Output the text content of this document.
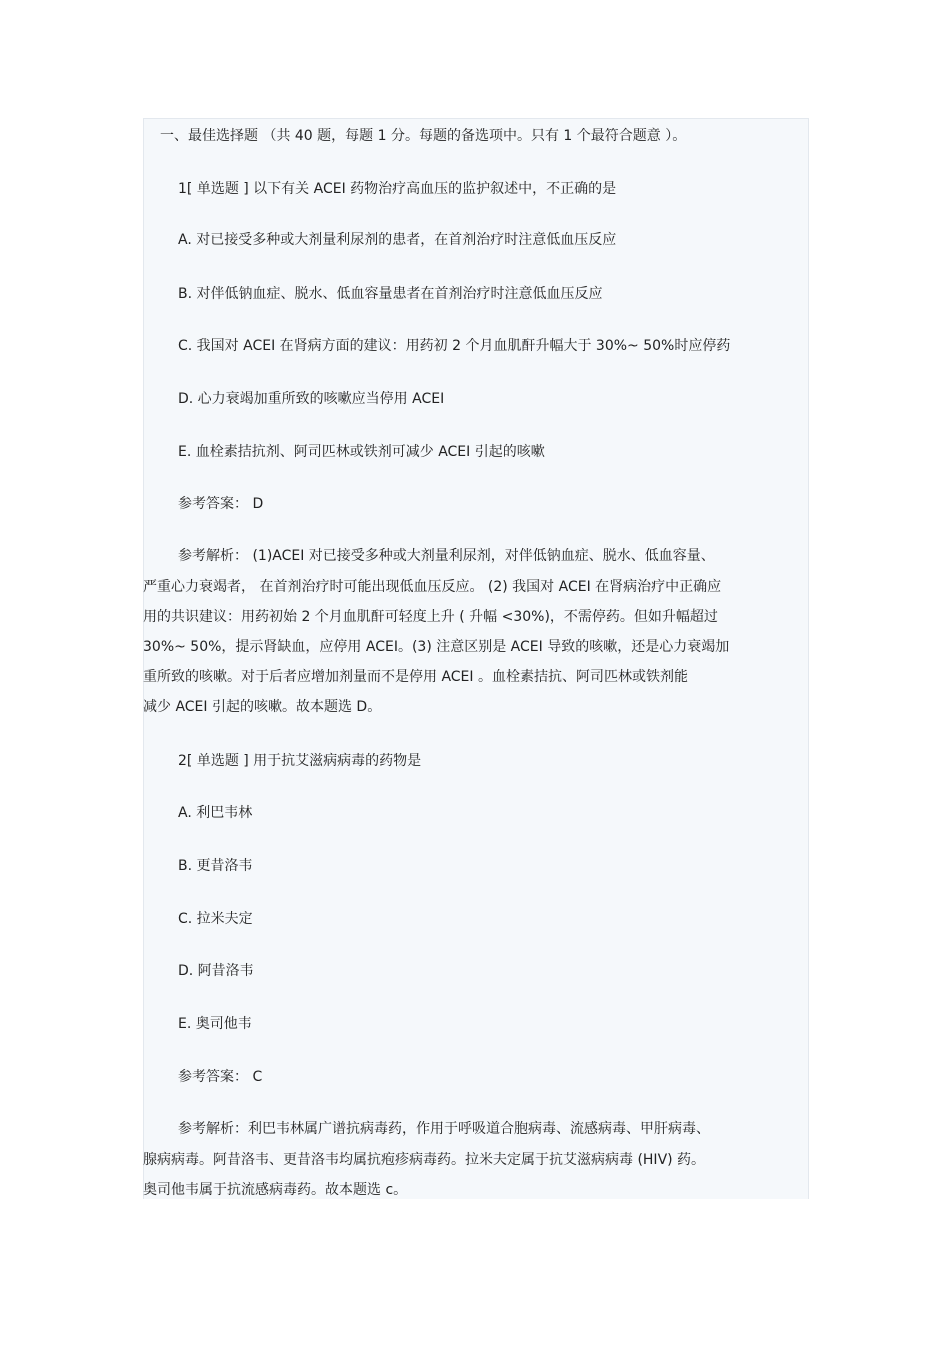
一、最佳选择题 （共 40 题，每题 1 分。每题的备选项中。只有 1 个最符合题意 ）。
1[ 单选题 ] 以下有关 ACEI 药物治疗高血压的监护叙述中，不正确的是
A. 对已接受多种或大剂量利尿剂的患者，在首剂治疗时注意低血压反应
B. 对伴低钠血症、脱水、低血容量患者在首剂治疗时注意低血压反应
C. 我国对 ACEI 在肾病方面的建议：用药初 2 个月血肌酐升幅大于 30%~ 50%时应停药
D. 心力衰竭加重所致的咳嗽应当停用 ACEI
E. 血栓素拮抗剂、阿司匹林或铁剂可减少 ACEI 引起的咳嗽
参考答案： D
参考解析： (1)ACEI 对已接受多种或大剂量利尿剂，对伴低钠血症、脱水、低血容量、
严重心力衰竭者， 在首剂治疗时可能出现低血压反应。 (2) 我国对 ACEI 在肾病治疗中正确应
用的共识建议：用药初始 2 个月血肌酐可轻度上升 ( 升幅 <30%)，不需停药。但如升幅超过
30%~ 50%，提示肾缺血，应停用 ACEI。(3) 注意区别是 ACEI 导致的咳嗽，还是心力衰竭加
重所致的咳嗽。对于后者应增加剂量而不是停用 ACEI 。血栓素拮抗、阿司匹林或铁剂能
减少 ACEI 引起的咳嗽。故本题选 D。
2[ 单选题 ] 用于抗艾滋病病毒的药物是
A. 利巴韦林
B. 更昔洛韦
C. 拉米夫定
D. 阿昔洛韦
E. 奥司他韦
参考答案： C
参考解析：利巴韦林属广谱抗病毒药，作用于呼吸道合胞病毒、流感病毒、甲肝病毒、
腺病病毒。阿昔洛韦、更昔洛韦均属抗疱疹病毒药。拉米夫定属于抗艾滋病病毒 (HIV) 药。
奥司他韦属于抗流感病毒药。故本题选 c。
